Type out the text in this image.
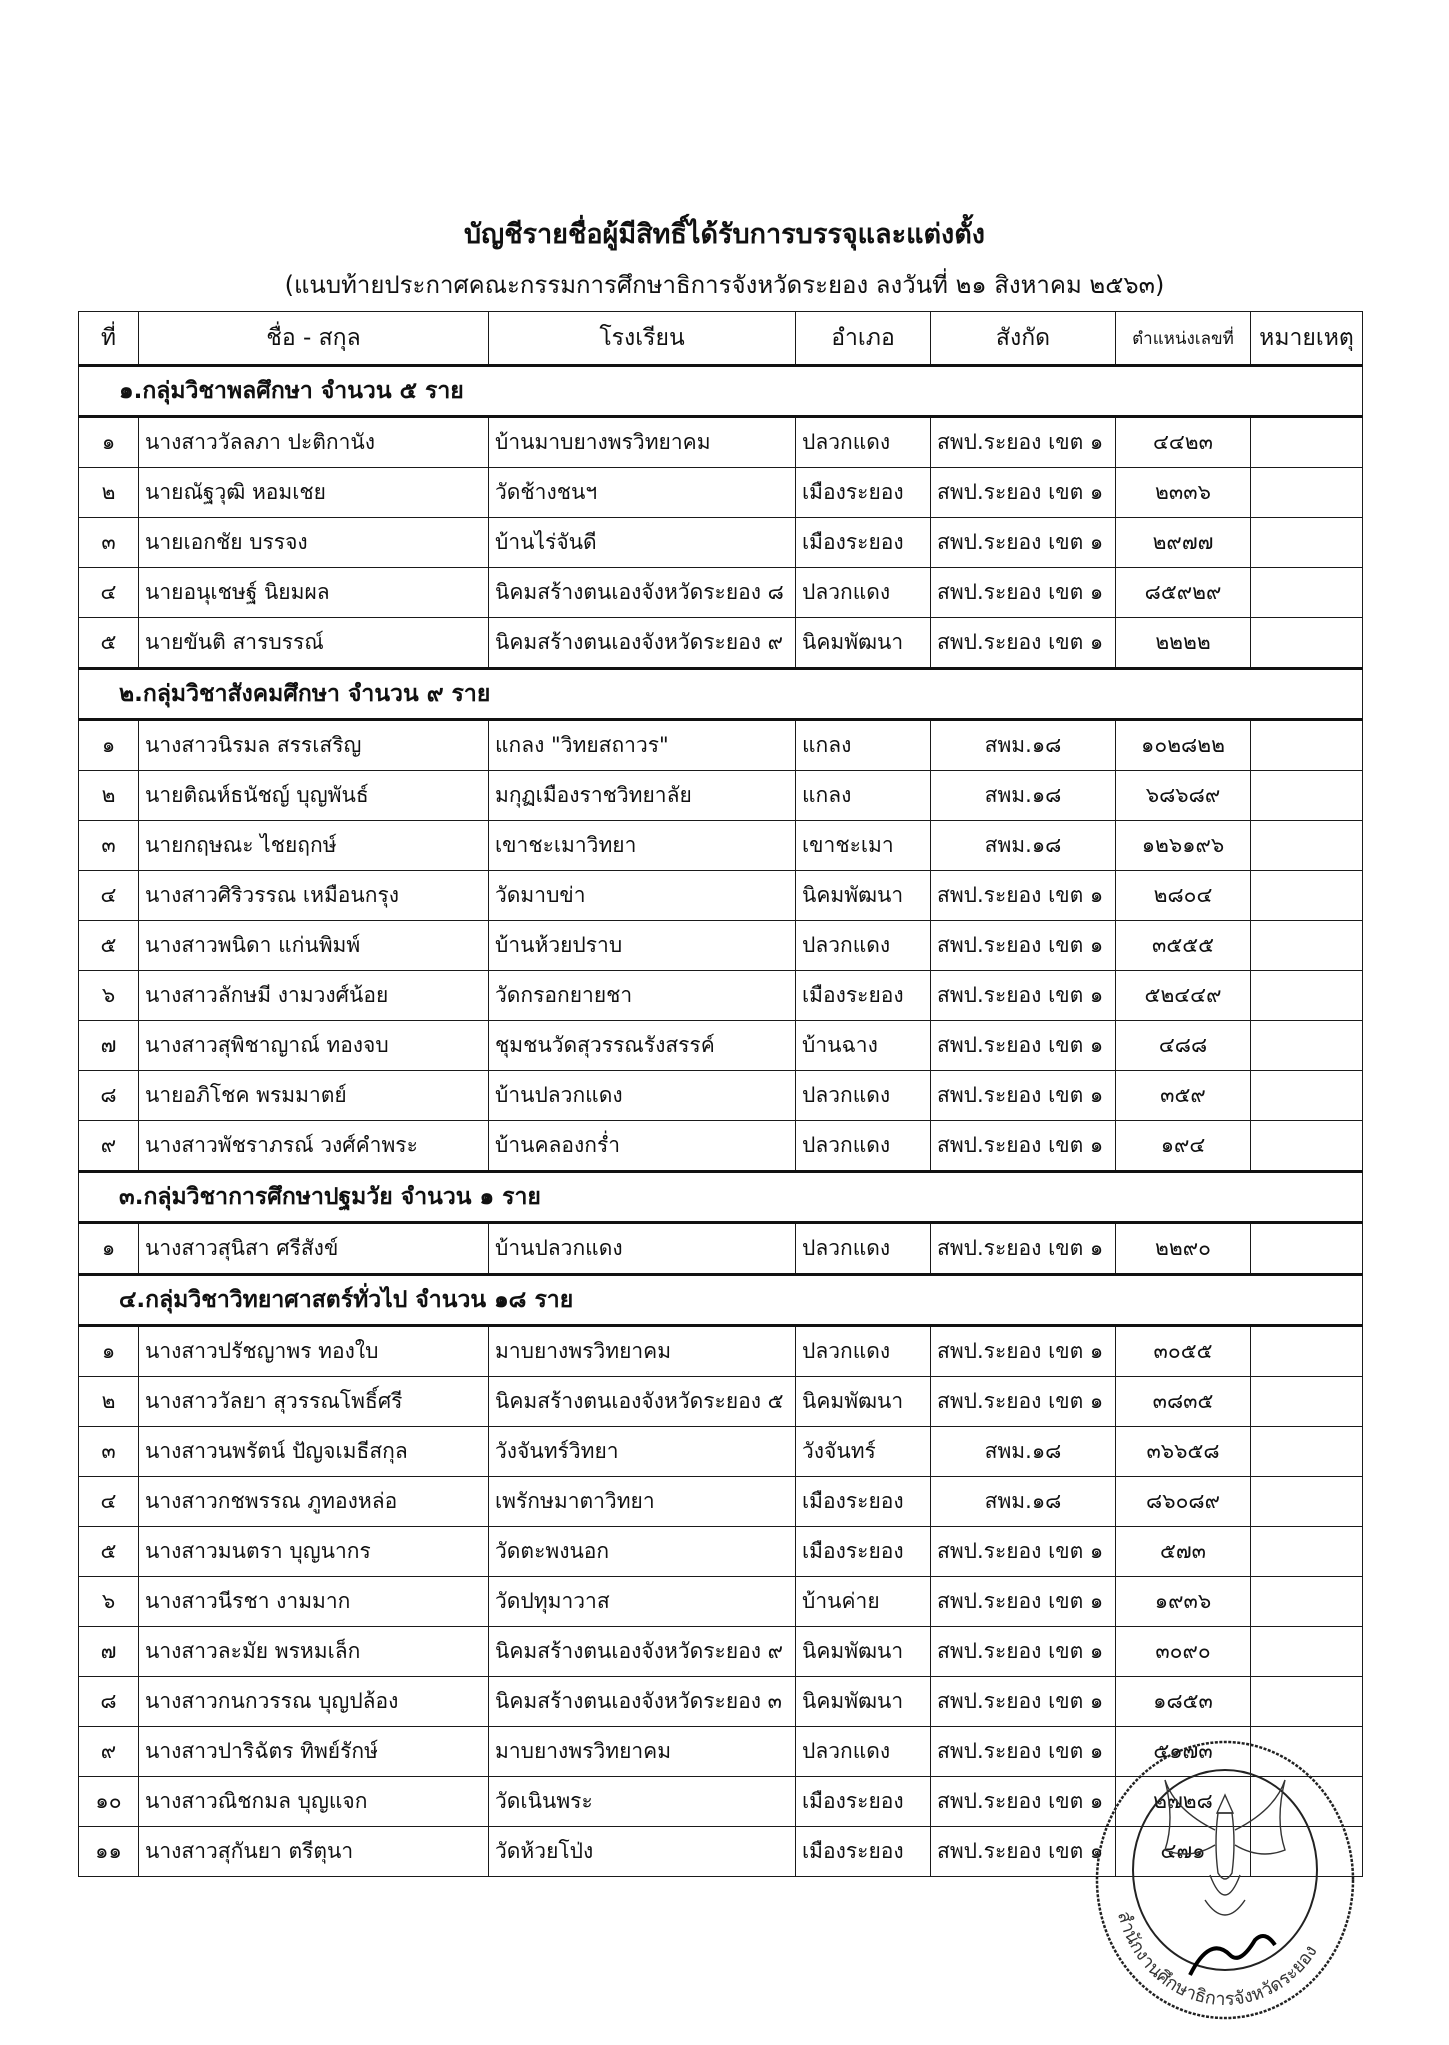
บัญชีรายชื่อผู้มีสิทธิ์ได้รับการบรรจุและแต่งตั้ง
(แนบท้ายประกาศคณะกรรมการศึกษาธิการจังหวัดระยอง ลงวันที่ ๒๑ สิงหาคม ๒๕๖๓)
ที่	ชื่อ - สกุล	โรงเรียน	อำเภอ	สังกัด	ตำแหน่งเลขที่	หมายเหตุ
๑.กลุ่มวิชาพลศึกษา จำนวน ๕ ราย						
๑	นางสาววัลลภา ปะติกานัง	บ้านมาบยางพรวิทยาคม	ปลวกแดง	สพป.ระยอง เขต ๑	๔๔๒๓	
๒	นายณัฐวุฒิ หอมเชย	วัดช้างชนฯ	เมืองระยอง	สพป.ระยอง เขต ๑	๒๓๓๖	
๓	นายเอกชัย บรรจง	บ้านไร่จันดี	เมืองระยอง	สพป.ระยอง เขต ๑	๒๙๗๗	
๔	นายอนุเชษฐ์ นิยมผล	นิคมสร้างตนเองจังหวัดระยอง ๘	ปลวกแดง	สพป.ระยอง เขต ๑	๘๕๙๒๙	
๕	นายขันติ สารบรรณ์	นิคมสร้างตนเองจังหวัดระยอง ๙	นิคมพัฒนา	สพป.ระยอง เขต ๑	๒๒๒๒	
๒.กลุ่มวิชาสังคมศึกษา จำนวน ๙ ราย						
๑	นางสาวนิรมล สรรเสริญ	แกลง "วิทยสถาวร"	แกลง	สพม.๑๘	๑๐๒๘๒๒	
๒	นายติณห์ธนัชญ์ บุญพันธ์	มกุฏเมืองราชวิทยาลัย	แกลง	สพม.๑๘	๖๘๖๘๙	
๓	นายกฤษณะ ไชยฤกษ์	เขาชะเมาวิทยา	เขาชะเมา	สพม.๑๘	๑๒๖๑๙๖	
๔	นางสาวศิริวรรณ เหมือนกรุง	วัดมาบข่า	นิคมพัฒนา	สพป.ระยอง เขต ๑	๒๘๐๔	
๕	นางสาวพนิดา แก่นพิมพ์	บ้านห้วยปราบ	ปลวกแดง	สพป.ระยอง เขต ๑	๓๕๕๕	
๖	นางสาวลักษมี งามวงศ์น้อย	วัดกรอกยายชา	เมืองระยอง	สพป.ระยอง เขต ๑	๕๒๔๔๙	
๗	นางสาวสุพิชาญาณ์ ทองจบ	ชุมชนวัดสุวรรณรังสรรค์	บ้านฉาง	สพป.ระยอง เขต ๑	๔๘๘	
๘	นายอภิโชค พรมมาตย์	บ้านปลวกแดง	ปลวกแดง	สพป.ระยอง เขต ๑	๓๕๙	
๙	นางสาวพัชราภรณ์ วงศ์คำพระ	บ้านคลองกร่ำ	ปลวกแดง	สพป.ระยอง เขต ๑	๑๙๔	
๓.กลุ่มวิชาการศึกษาปฐมวัย จำนวน ๑ ราย						
๑	นางสาวสุนิสา ศรีสังข์	บ้านปลวกแดง	ปลวกแดง	สพป.ระยอง เขต ๑	๒๒๙๐	
๔.กลุ่มวิชาวิทยาศาสตร์ทั่วไป จำนวน ๑๘ ราย						
๑	นางสาวปรัชญาพร ทองใบ	มาบยางพรวิทยาคม	ปลวกแดง	สพป.ระยอง เขต ๑	๓๐๕๕	
๒	นางสาววัลยา สุวรรณโพธิ์ศรี	นิคมสร้างตนเองจังหวัดระยอง ๕	นิคมพัฒนา	สพป.ระยอง เขต ๑	๓๘๓๕	
๓	นางสาวนพรัตน์ ปัญจเมธีสกุล	วังจันทร์วิทยา	วังจันทร์	สพม.๑๘	๓๖๖๕๘	
๔	นางสาวกชพรรณ ภูทองหล่อ	เพรักษมาตาวิทยา	เมืองระยอง	สพม.๑๘	๘๖๐๘๙	
๕	นางสาวมนตรา บุญนากร	วัดตะพงนอก	เมืองระยอง	สพป.ระยอง เขต ๑	๕๗๓	
๖	นางสาวนีรชา งามมาก	วัดปทุมาวาส	บ้านค่าย	สพป.ระยอง เขต ๑	๑๙๓๖	
๗	นางสาวละมัย พรหมเล็ก	นิคมสร้างตนเองจังหวัดระยอง ๙	นิคมพัฒนา	สพป.ระยอง เขต ๑	๓๐๙๐	
๘	นางสาวกนกวรรณ บุญปล้อง	นิคมสร้างตนเองจังหวัดระยอง ๓	นิคมพัฒนา	สพป.ระยอง เขต ๑	๑๘๕๓	
๙	นางสาวปาริฉัตร ทิพย์รักษ์	มาบยางพรวิทยาคม	ปลวกแดง	สพป.ระยอง เขต ๑	๕๑๗๓	
๑๐	นางสาวณิชกมล บุญแจก	วัดเนินพระ	เมืองระยอง	สพป.ระยอง เขต ๑	๒๗๒๘	
๑๑	นางสาวสุกันยา ตรีตุนา	วัดห้วยโป่ง	เมืองระยอง	สพป.ระยอง เขต ๑	๔๗๑	
สำนักงานศึกษาธิการจังหวัดระยอง
